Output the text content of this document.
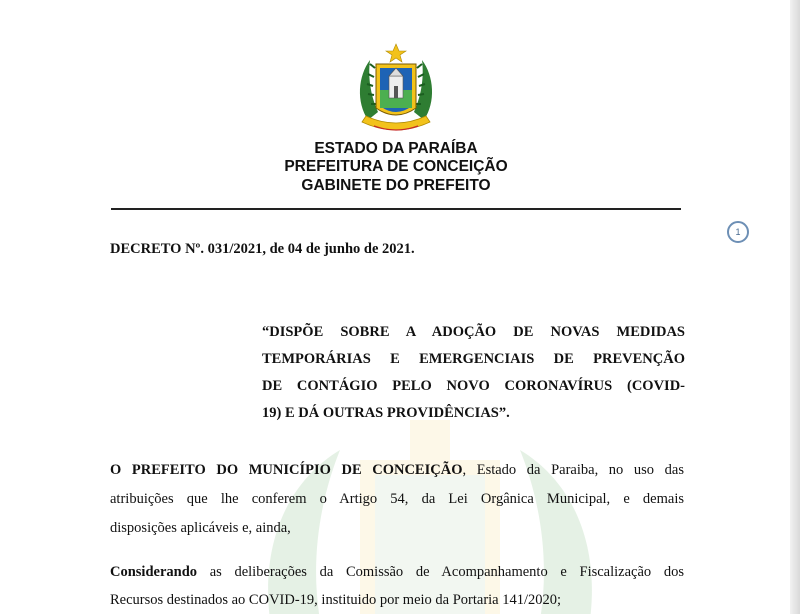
ESTADO DA PARAÍBA
PREFEITURA DE CONCEIÇÃO
GABINETE DO PREFEITO
DECRETO Nº. 031/2021, de 04 de junho de 2021.
1
“DISPÕE SOBRE A ADOÇÃO DE NOVAS MEDIDAS
TEMPORÁRIAS E EMERGENCIAIS DE PREVENÇÃO
DE CONTÁGIO PELO NOVO CORONAVÍRUS (COVID-
19) E DÁ OUTRAS PROVIDÊNCIAS”.
O PREFEITO DO MUNICÍPIO DE CONCEIÇÃO, Estado da Paraiba, no uso das
atribuições que lhe conferem o Artigo 54, da Lei Orgânica Municipal, e demais
disposições aplicáveis e, ainda,
Considerando as deliberações da Comissão de Acompanhamento e Fiscalização dos
Recursos destinados ao COVID-19, instituido por meio da Portaria 141/2020;
